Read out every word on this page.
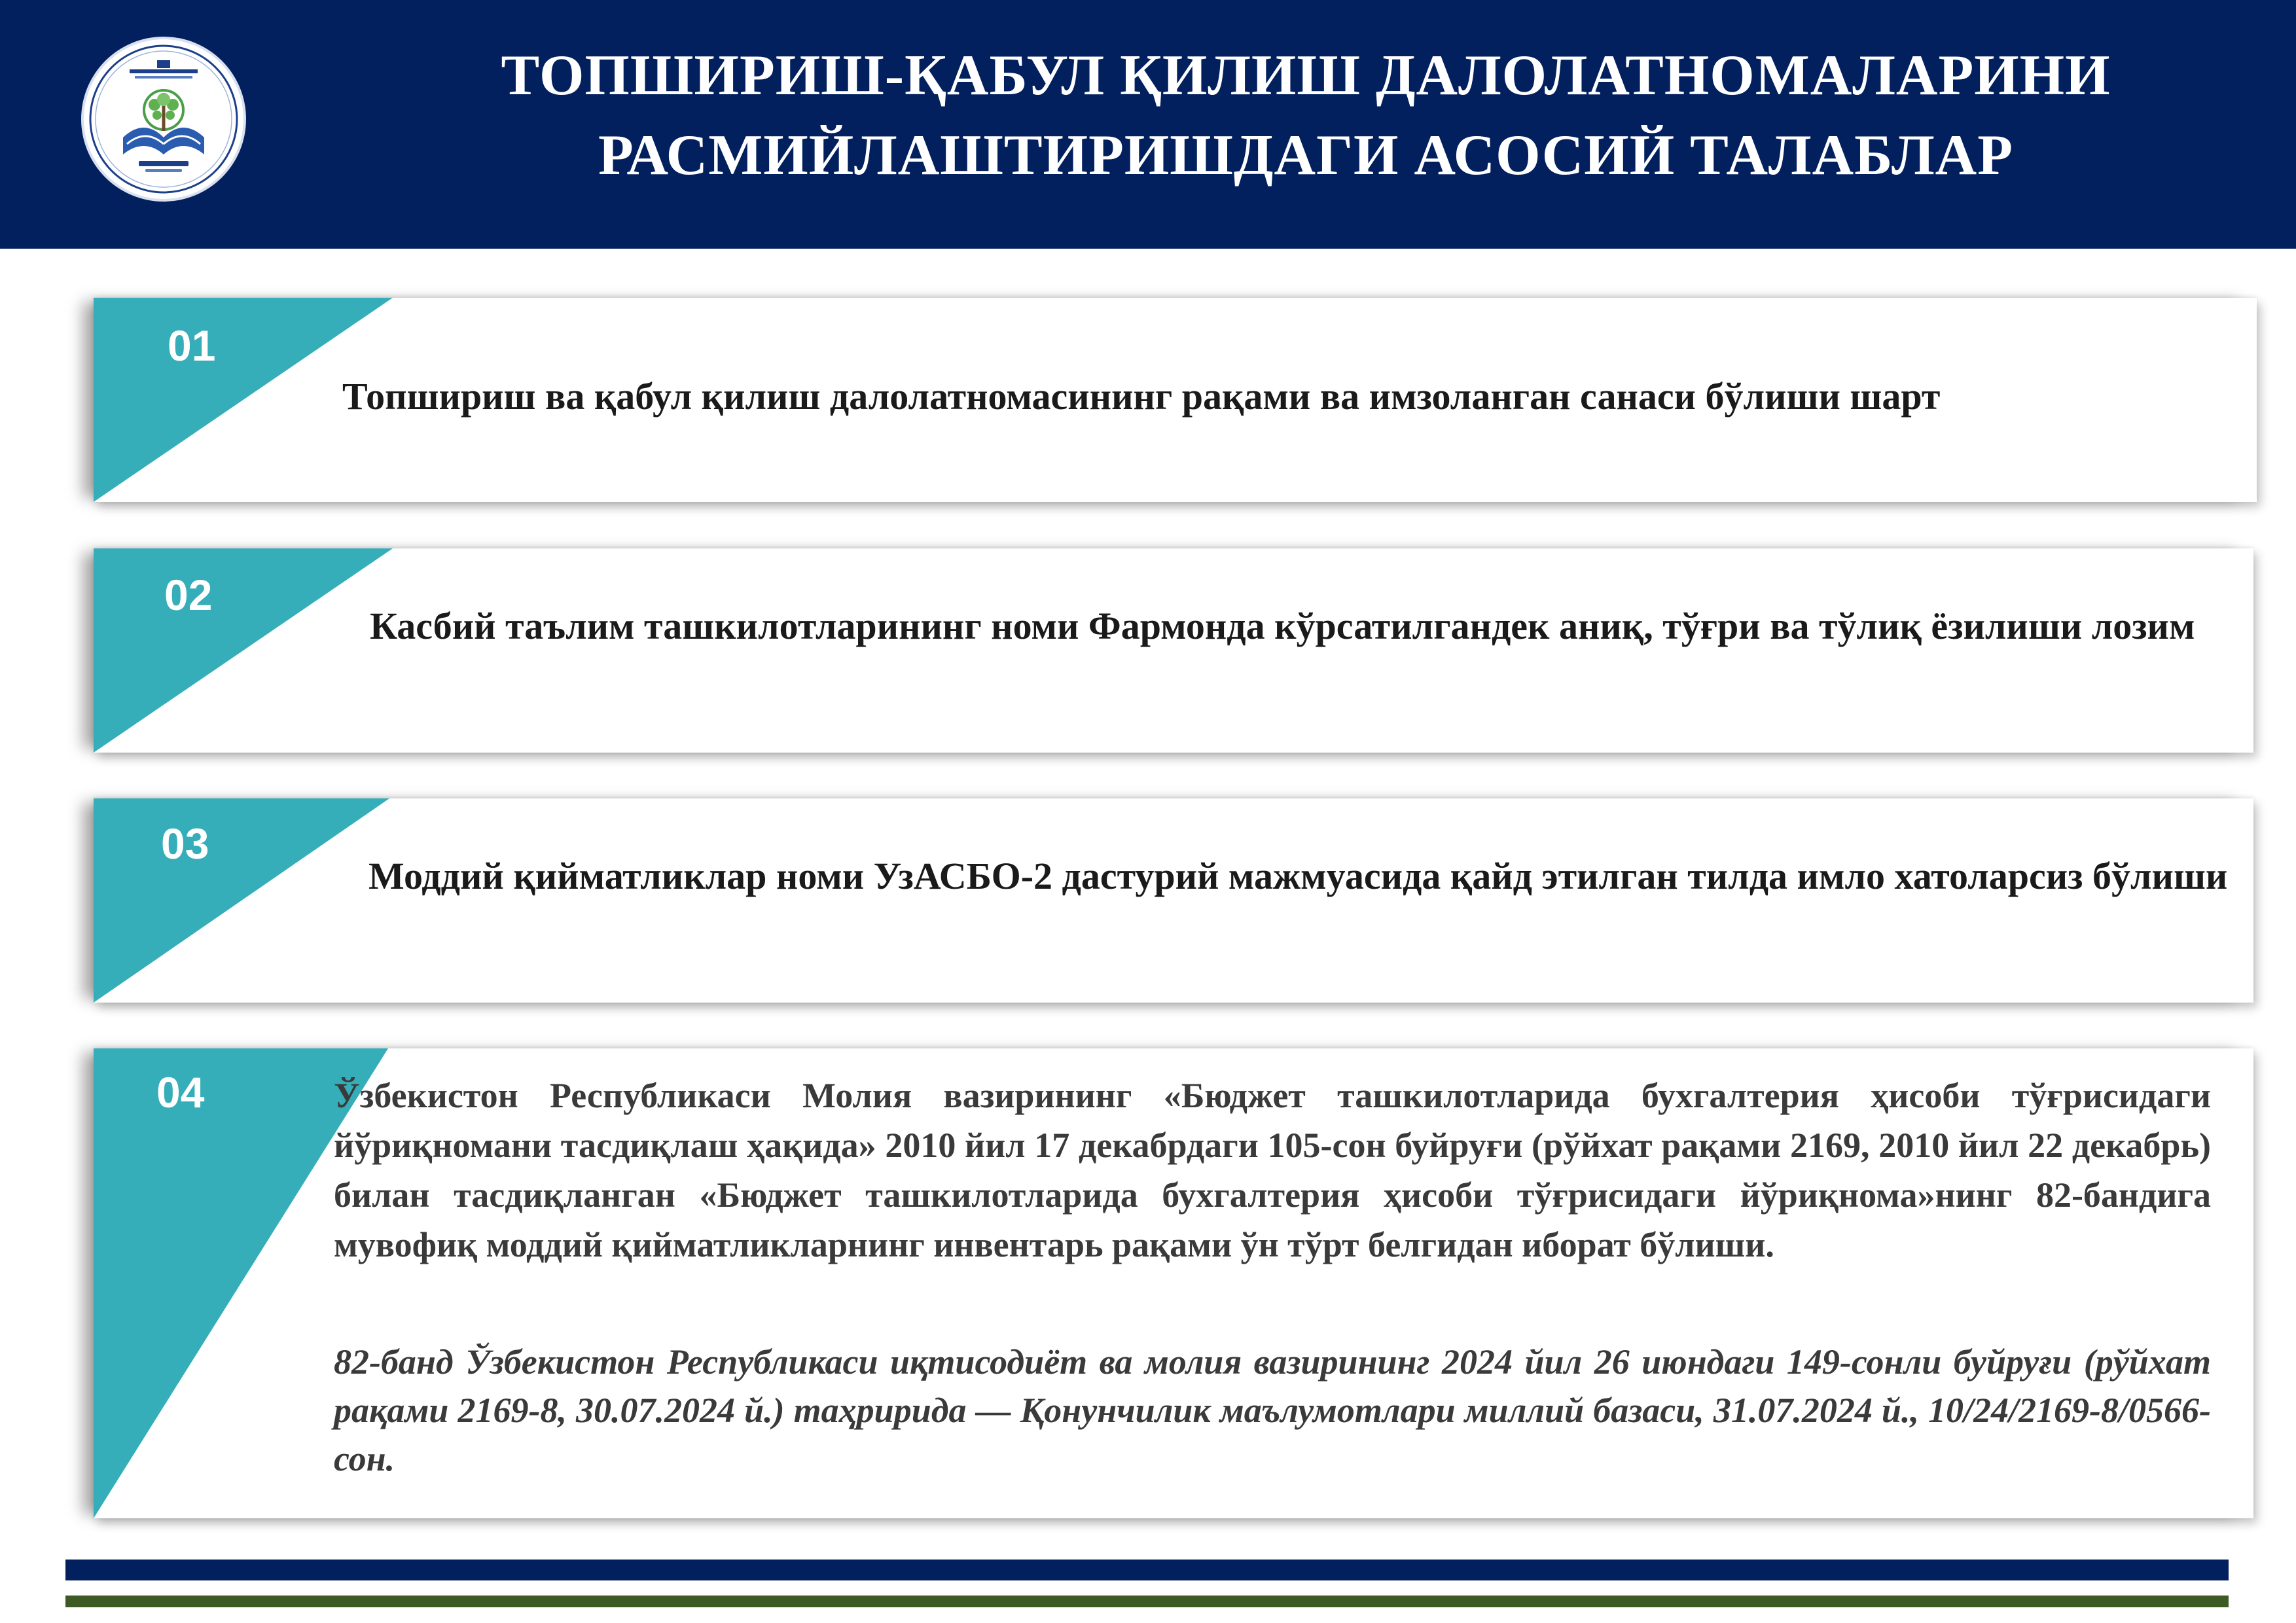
ТОПШИРИШ-ҚАБУЛ ҚИЛИШ ДАЛОЛАТНОМАЛАРИНИ
РАСМИЙЛАШТИРИШДАГИ АСОСИЙ ТАЛАБЛАР
01
Топшириш ва қабул қилиш далолатномасининг рақами ва имзоланган санаси бўлиши шарт
02
Касбий таълим ташкилотларининг номи Фармонда кўрсатилгандек аниқ, тўғри ва тўлиқ ёзилиши лозим
03
Моддий қийматликлар номи УзАСБО-2 дастурий мажмуасида қайд этилган тилда имло хатоларсиз бўлиши
04	Ўзбекистон Республикаси Молия вазирининг «Бюджет ташкилотларида бухгалтерия ҳисоби тўғрисидаги йўриқномани тасдиқлаш ҳақида» 2010 йил 17 декабрдаги 105-сон буйруғи (рўйхат рақами 2169, 2010 йил 22 декабрь) билан тасдиқланган «Бюджет ташкилотларида бухгалтерия ҳисоби тўғрисидаги йўриқнома»нинг 82-бандига мувофиқ моддий қийматликларнинг инвентарь рақами ўн тўрт белгидан иборат бўлиши.
82-банд Ўзбекистон Республикаси иқтисодиёт ва молия вазирининг 2024 йил 26 июндаги 149-сонли буйруғи (рўйхат рақами 2169-8, 30.07.2024 й.) таҳририда — Қонунчилик маълумотлари миллий базаси, 31.07.2024 й., 10/24/2169-8/0566-сон.
